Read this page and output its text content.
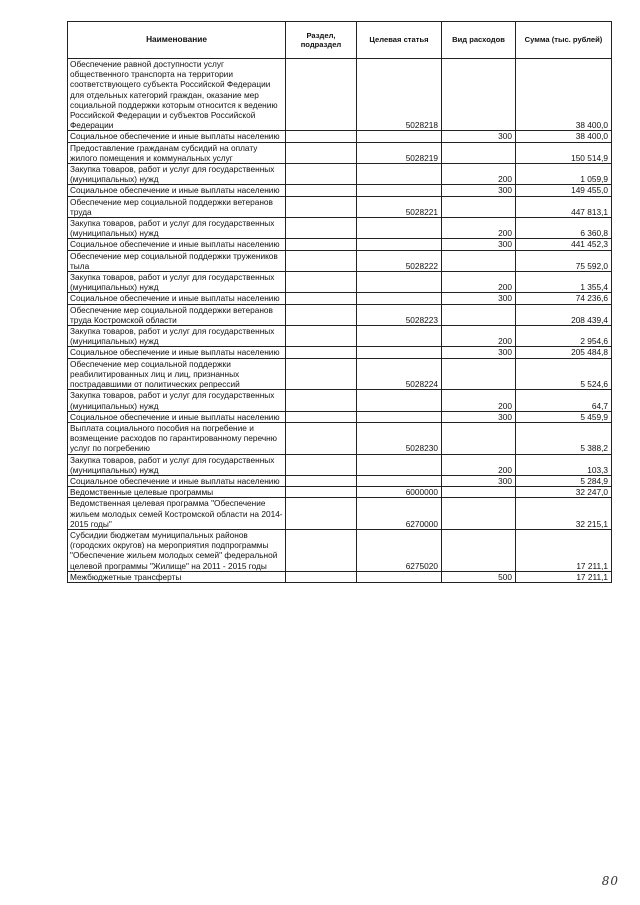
Наименование	Раздел, подраздел	Целевая статья	Вид расходов	Сумма (тыс. рублей)
Обеспечение равной доступности услуг общественного транспорта на территории соответствующего субъекта Российской Федерации для отдельных категорий граждан, оказание мер социальной поддержки которым относится к ведению Российской Федерации и субъектов Российской Федерации		5028218		38 400,0
Социальное обеспечение и иные выплаты населению			300	38 400,0
Предоставление гражданам субсидий на оплату жилого помещения и коммунальных услуг		5028219		150 514,9
Закупка товаров, работ и услуг для государственных (муниципальных) нужд			200	1 059,9
Социальное обеспечение и иные выплаты населению			300	149 455,0
Обеспечение мер социальной поддержки ветеранов труда		5028221		447 813,1
Закупка товаров, работ и услуг для государственных (муниципальных) нужд			200	6 360,8
Социальное обеспечение и иные выплаты населению			300	441 452,3
Обеспечение мер социальной поддержки тружеников тыла		5028222		75 592,0
Закупка товаров, работ и услуг для государственных (муниципальных) нужд			200	1 355,4
Социальное обеспечение и иные выплаты населению			300	74 236,6
Обеспечение мер социальной поддержки ветеранов труда Костромской области		5028223		208 439,4
Закупка товаров, работ и услуг для государственных (муниципальных) нужд			200	2 954,6
Социальное обеспечение и иные выплаты населению			300	205 484,8
Обеспечение мер социальной поддержки реабилитированных лиц и лиц, признанных пострадавшими от политических репрессий		5028224		5 524,6
Закупка товаров, работ и услуг для государственных (муниципальных) нужд			200	64,7
Социальное обеспечение и иные выплаты населению			300	5 459,9
Выплата социального пособия на погребение и возмещение расходов по гарантированному перечню услуг по погребению		5028230		5 388,2
Закупка товаров, работ и услуг для государственных (муниципальных) нужд			200	103,3
Социальное обеспечение и иные выплаты населению			300	5 284,9
Ведомственные целевые программы		6000000		32 247,0
Ведомственная целевая программа "Обеспечение жильем молодых семей Костромской области на 2014-2015 годы"		6270000		32 215,1
Субсидии бюджетам муниципальных районов (городских округов) на мероприятия подпрограммы "Обеспечение жильем молодых семей" федеральной целевой программы "Жилище" на 2011 - 2015 годы		6275020		17 211,1
Межбюджетные трансферты			500	17 211,1
80
